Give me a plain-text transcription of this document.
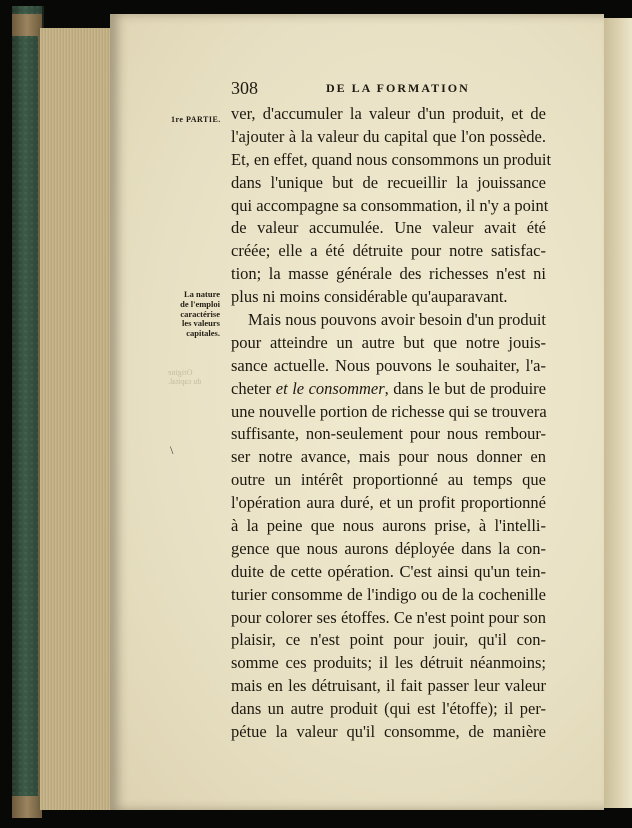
308	DE LA FORMATION
1re PARTIE.
La nature
de l'emploi
caractérise
les valeurs
capitales.
Origine
du capital.
\
ver, d'accumuler la valeur d'un produit, et de
l'ajouter à la valeur du capital que l'on possède.
Et, en effet, quand nous consommons un produit
dans l'unique but de recueillir la jouissance
qui accompagne sa consommation, il n'y a point
de valeur accumulée. Une valeur avait été
créée; elle a été détruite pour notre satisfac-
tion; la masse générale des richesses n'est ni
plus ni moins considérable qu'auparavant.
Mais nous pouvons avoir besoin d'un produit
pour atteindre un autre but que notre jouis-
sance actuelle. Nous pouvons le souhaiter, l'a-
cheter et le consommer, dans le but de produire
une nouvelle portion de richesse qui se trouvera
suffisante, non-seulement pour nous rembour-
ser notre avance, mais pour nous donner en
outre un intérêt proportionné au temps que
l'opération aura duré, et un profit proportionné
à la peine que nous aurons prise, à l'intelli-
gence que nous aurons déployée dans la con-
duite de cette opération. C'est ainsi qu'un tein-
turier consomme de l'indigo ou de la cochenille
pour colorer ses étoffes. Ce n'est point pour son
plaisir, ce n'est point pour jouir, qu'il con-
somme ces produits; il les détruit néanmoins;
mais en les détruisant, il fait passer leur valeur
dans un autre produit (qui est l'étoffe); il per-
pétue la valeur qu'il consomme, de manière
